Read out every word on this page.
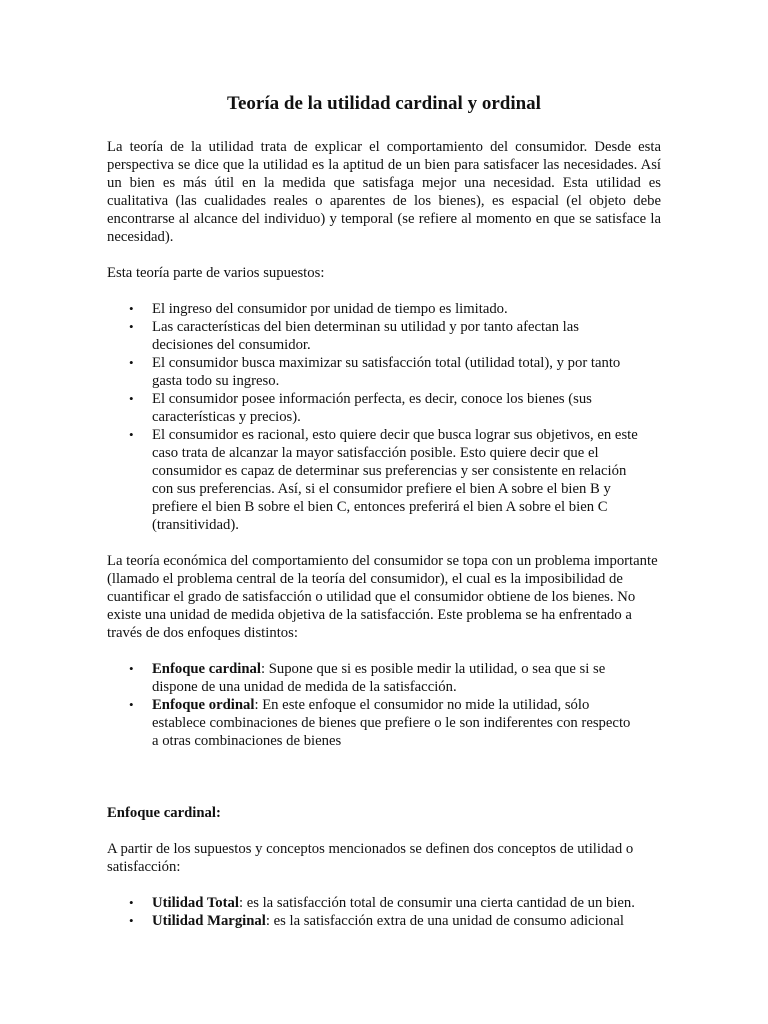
Teoría de la utilidad cardinal y ordinal

La teoría de la utilidad trata de explicar el comportamiento del consumidor. Desde esta perspectiva se dice que la utilidad es la aptitud de un bien para satisfacer las necesidades. Así un bien es más útil en la medida que satisfaga mejor una necesidad. Esta utilidad es cualitativa (las cualidades reales o aparentes de los bienes), es espacial (el objeto debe encontrarse al alcance del individuo) y temporal (se refiere al momento en que se satisface la necesidad).

Esta teoría parte de varios supuestos:

• El ingreso del consumidor por unidad de tiempo es limitado.
• Las características del bien determinan su utilidad y por tanto afectan las decisiones del consumidor.
• El consumidor busca maximizar su satisfacción total (utilidad total), y por tanto gasta todo su ingreso.
• El consumidor posee información perfecta, es decir, conoce los bienes (sus características y precios).
• El consumidor es racional, esto quiere decir que busca lograr sus objetivos, en este caso trata de alcanzar la mayor satisfacción posible. Esto quiere decir que el consumidor es capaz de determinar sus preferencias y ser consistente en relación con sus preferencias. Así, si el consumidor prefiere el bien A sobre el bien B y prefiere el bien B sobre el bien C, entonces preferirá el bien A sobre el bien C (transitividad).

La teoría económica del comportamiento del consumidor se topa con un problema importante (llamado el problema central de la teoría del consumidor), el cual es la imposibilidad de cuantificar el grado de satisfacción o utilidad que el consumidor obtiene de los bienes. No existe una unidad de medida objetiva de la satisfacción. Este problema se ha enfrentado a través de dos enfoques distintos:

• Enfoque cardinal: Supone que si es posible medir la utilidad, o sea que si se dispone de una unidad de medida de la satisfacción.
• Enfoque ordinal: En este enfoque el consumidor no mide la utilidad, sólo establece combinaciones de bienes que prefiere o le son indiferentes con respecto a otras combinaciones de bienes

Enfoque cardinal:

A partir de los supuestos y conceptos mencionados se definen dos conceptos de utilidad o satisfacción:

• Utilidad Total: es la satisfacción total de consumir una cierta cantidad de un bien.
• Utilidad Marginal: es la satisfacción extra de una unidad de consumo adicional
